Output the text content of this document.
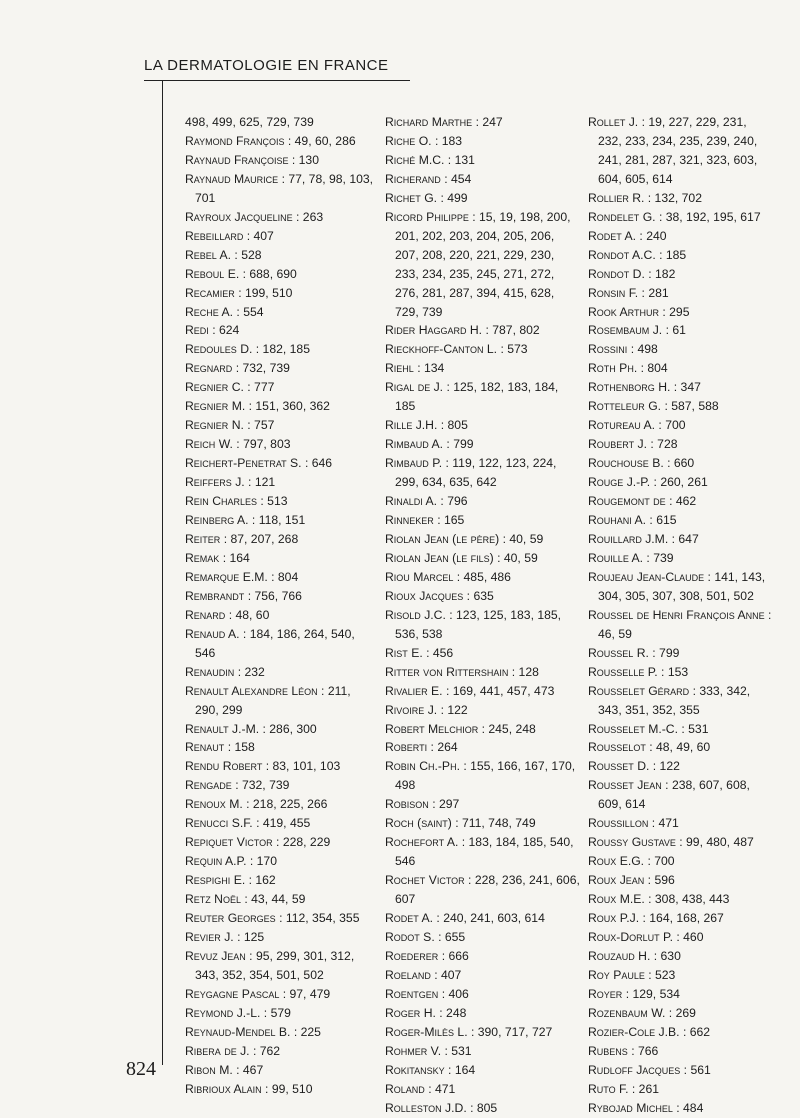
LA DERMATOLOGIE EN FRANCE

498, 499, 625, 729, 739

Raymond François : 49, 60, 286

Raynaud Françoise : 130

Raynaud Maurice : 77, 78, 98, 103, 701

Rayroux Jacqueline : 263

Rebeillard : 407

Rebel A. : 528

Reboul E. : 688, 690

Recamier : 199, 510

Reche A. : 554

Redi : 624

Redoules D. : 182, 185

Regnard : 732, 739

Regnier C. : 777

Regnier M. : 151, 360, 362

Regnier N. : 757

Reich W. : 797, 803

Reichert-Penetrat S. : 646

Reiffers J. : 121

Rein Charles : 513

Reinberg A. : 118, 151

Reiter : 87, 207, 268

Remak : 164

Remarque E.M. : 804

Rembrandt : 756, 766

Renard : 48, 60

Renaud A. : 184, 186, 264, 540, 546

Renaudin : 232

Renault Alexandre Léon : 211, 290, 299

Renault J.-M. : 286, 300

Renaut : 158

Rendu Robert : 83, 101, 103

Rengade : 732, 739

Renoux M. : 218, 225, 266

Renucci S.F. : 419, 455

Repiquet Victor : 228, 229

Requin A.P. : 170

Respighi E. : 162

Retz Noël : 43, 44, 59

Reuter Georges : 112, 354, 355

Revier J. : 125

Revuz Jean : 95, 299, 301, 312, 343, 352, 354, 501, 502

Reygagne Pascal : 97, 479

Reymond J.-L. : 579

Reynaud-Mendel B. : 225

Ribera de J. : 762

Ribon M. : 467

Ribrioux Alain : 99, 510

Richard Marthe : 247

Riche O. : 183

Riché M.C. : 131

Richerand : 454

Richet G. : 499

Ricord Philippe : 15, 19, 198, 200, 201, 202, 203, 204, 205, 206, 207, 208, 220, 221, 229, 230, 233, 234, 235, 245, 271, 272, 276, 281, 287, 394, 415, 628, 729, 739

Rider Haggard H. : 787, 802

Rieckhoff-Canton L. : 573

Riehl : 134

Rigal de J. : 125, 182, 183, 184, 185

Rille J.H. : 805

Rimbaud A. : 799

Rimbaud P. : 119, 122, 123, 224, 299, 634, 635, 642

Rinaldi A. : 796

Rinneker : 165

Riolan Jean (le père) : 40, 59

Riolan Jean (le fils) : 40, 59

Riou Marcel : 485, 486

Rioux Jacques : 635

Risold J.C. : 123, 125, 183, 185, 536, 538

Rist E. : 456

Ritter von Rittershain : 128

Rivalier E. : 169, 441, 457, 473

Rivoire J. : 122

Robert Melchior : 245, 248

Roberti : 264

Robin Ch.-Ph. : 155, 166, 167, 170, 498

Robison : 297

Roch (saint) : 711, 748, 749

Rochefort A. : 183, 184, 185, 540, 546

Rochet Victor : 228, 236, 241, 606, 607

Rodet A. : 240, 241, 603, 614

Rodot S. : 655

Roederer : 666

Roeland : 407

Roentgen : 406

Roger H. : 248

Roger-Milès L. : 390, 717, 727

Rohmer V. : 531

Rokitansky : 164

Roland : 471

Rolleston J.D. : 805

Rollet J. : 19, 227, 229, 231, 232, 233, 234, 235, 239, 240, 241, 281, 287, 321, 323, 603, 604, 605, 614

Rollier R. : 132, 702

Rondelet G. : 38, 192, 195, 617

Rodet A. : 240

Rondot A.C. : 185

Rondot D. : 182

Ronsin F. : 281

Rook Arthur : 295

Rosembaum J. : 61

Rossini : 498

Roth Ph. : 804

Rothenborg H. : 347

Rotteleur G. : 587, 588

Rotureau A. : 700

Roubert J. : 728

Rouchouse B. : 660

Rouge J.-P. : 260, 261

Rougemont de : 462

Rouhani A. : 615

Rouillard J.M. : 647

Rouille A. : 739

Roujeau Jean-Claude : 141, 143, 304, 305, 307, 308, 501, 502

Roussel de Henri François Anne : 46, 59

Roussel R. : 799

Rousselle P. : 153

Rousselet Gérard : 333, 342, 343, 351, 352, 355

Rousselet M.-C. : 531

Rousselot : 48, 49, 60

Rousset D. : 122

Rousset Jean : 238, 607, 608, 609, 614

Roussillon : 471

Roussy Gustave : 99, 480, 487

Roux E.G. : 700

Roux Jean : 596

Roux M.E. : 308, 438, 443

Roux P.J. : 164, 168, 267

Roux-Dorlut P. : 460

Rouzaud H. : 630

Roy Paule : 523

Royer : 129, 534

Rozenbaum W. : 269

Rozier-Cole J.B. : 662

Rubens : 766

Rudloff Jacques : 561

Ruto F. : 261

Rybojad Michel : 484

824
